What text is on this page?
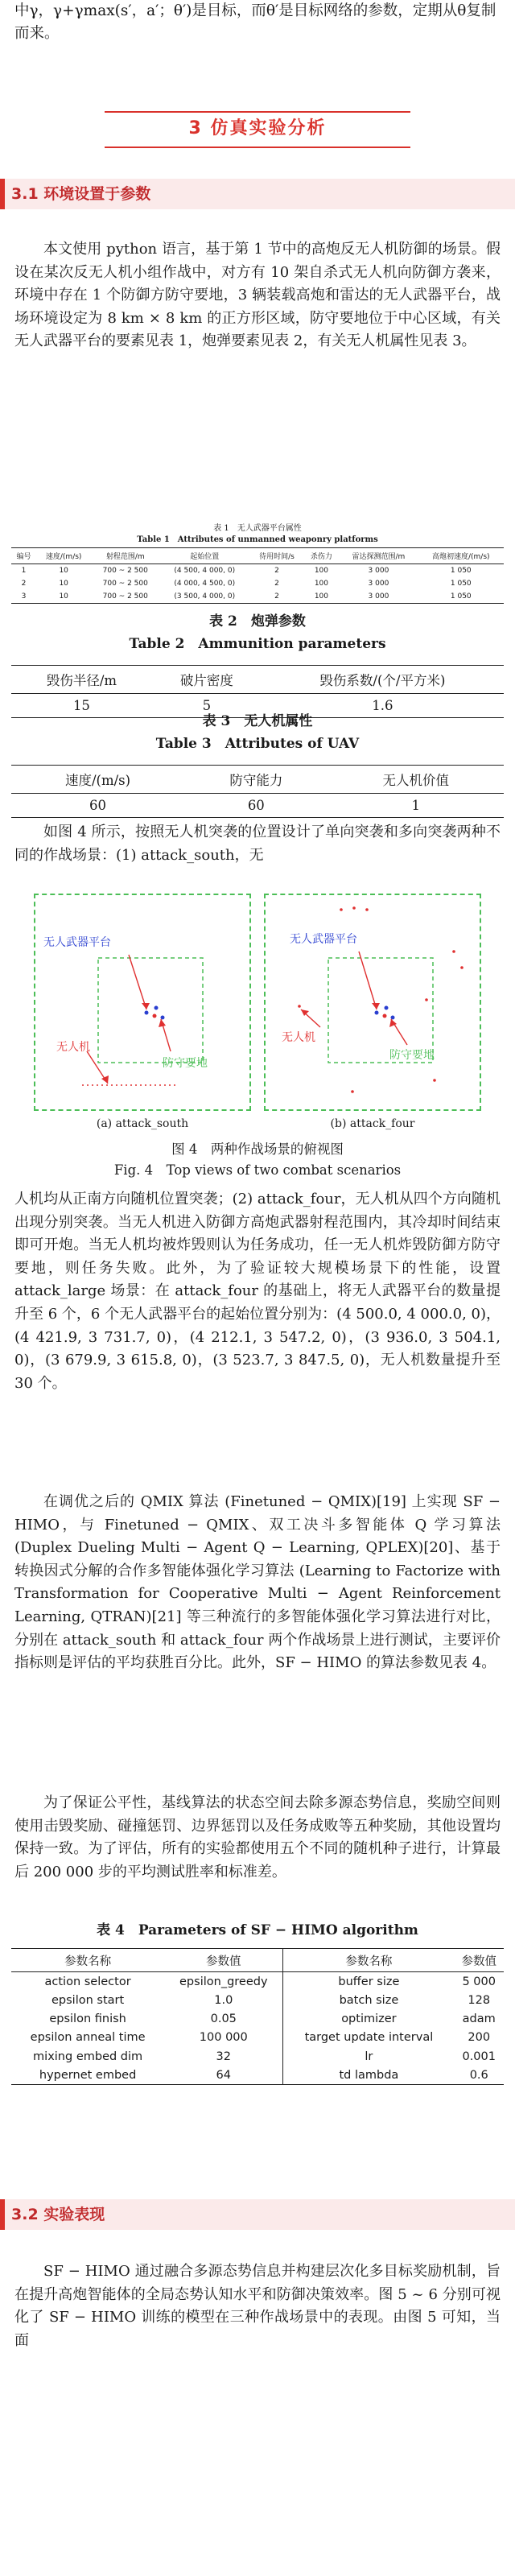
中γ，γ+γmax(s′，a′；θ′)是目标，而θ′是目标网络的参数，定期从θ复制而来。
3 仿真实验分析
3.1 环境设置于参数
本文使用 python 语言，基于第 1 节中的高炮反无人机防御的场景。假设在某次反无人机小组作战中，对方有 10 架自杀式无人机向防御方袭来，环境中存在 1 个防御方防守要地，3 辆装载高炮和雷达的无人武器平台，战场环境设定为 8 km × 8 km 的正方形区域，防守要地位于中心区域，有关无人武器平台的要素见表 1，炮弹要素见表 2，有关无人机属性见表 3。
表 1　无人武器平台属性
Table 1  Attributes of unmanned weaponry platforms
编号	速度/(m/s)	射程范围/m	起始位置	待用时间/s	杀伤力	雷达探测范围/m	高炮初速度/(m/s)
1	10	700 ~ 2 500	(4 500, 4 000, 0)	2	100	3 000	1 050
2	10	700 ~ 2 500	(4 000, 4 500, 0)	2	100	3 000	1 050
3	10	700 ~ 2 500	(3 500, 4 000, 0)	2	100	3 000	1 050
表 2　炮弹参数
Table 2　Ammunition parameters
毁伤半径/m	破片密度	毁伤系数/(个/平方米)
15	5	1.6
表 3　无人机属性
Table 3　Attributes of UAV
速度/(m/s)	防守能力	无人机价值
60	60	1
如图 4 所示，按照无人机突袭的位置设计了单向突袭和多向突袭两种不同的作战场景：(1) attack_south，无
无人武器平台
无人机
防守要地
无人武器平台
无人机
防守要地
(a) attack_south	(b) attack_four
图 4　两种作战场景的俯视图
Fig. 4　Top views of two combat scenarios
人机均从正南方向随机位置突袭；(2) attack_four，无人机从四个方向随机出现分别突袭。当无人机进入防御方高炮武器射程范围内，其冷却时间结束即可开炮。当无人机均被炸毁则认为任务成功，任一无人机炸毁防御方防守要地，则任务失败。此外，为了验证较大规模场景下的性能，设置 attack_large 场景：在 attack_four 的基础上，将无人武器平台的数量提升至 6 个，6 个无人武器平台的起始位置分别为：(4 500.0, 4 000.0, 0)，(4 421.9, 3 731.7, 0)，(4 212.1, 3 547.2, 0)，(3 936.0, 3 504.1, 0)，(3 679.9, 3 615.8, 0)，(3 523.7, 3 847.5, 0)，无人机数量提升至 30 个。
在调优之后的 QMIX 算法 (Finetuned − QMIX)[19] 上实现 SF − HIMO，与 Finetuned − QMIX、双工决斗多智能体 Q 学习算法 (Duplex Dueling Multi − Agent Q − Learning, QPLEX)[20]、基于转换因式分解的合作多智能体强化学习算法 (Learning to Factorize with Transformation for Cooperative Multi − Agent Reinforcement Learning, QTRAN)[21] 等三种流行的多智能体强化学习算法进行对比，分别在 attack_south 和 attack_four 两个作战场景上进行测试，主要评价指标则是评估的平均获胜百分比。此外，SF − HIMO 的算法参数见表 4。
为了保证公平性，基线算法的状态空间去除多源态势信息，奖励空间则使用击毁奖励、碰撞惩罚、边界惩罚以及任务成败等五种奖励，其他设置均保持一致。为了评估，所有的实验都使用五个不同的随机种子进行，计算最后 200 000 步的平均测试胜率和标准差。
表 4  Parameters of SF − HIMO algorithm
参数名称	参数值	参数名称	参数值
action selector	epsilon_greedy	buffer size	5 000
epsilon start	1.0	batch size	128
epsilon finish	0.05	optimizer	adam
epsilon anneal time	100 000	target update interval	200
mixing embed dim	32	lr	0.001
hypernet embed	64	td lambda	0.6
3.2 实验表现
SF − HIMO 通过融合多源态势信息并构建层次化多目标奖励机制，旨在提升高炮智能体的全局态势认知水平和防御决策效率。图 5 ~ 6 分别可视化了 SF − HIMO 训练的模型在三种作战场景中的表现。由图 5 可知，当面
